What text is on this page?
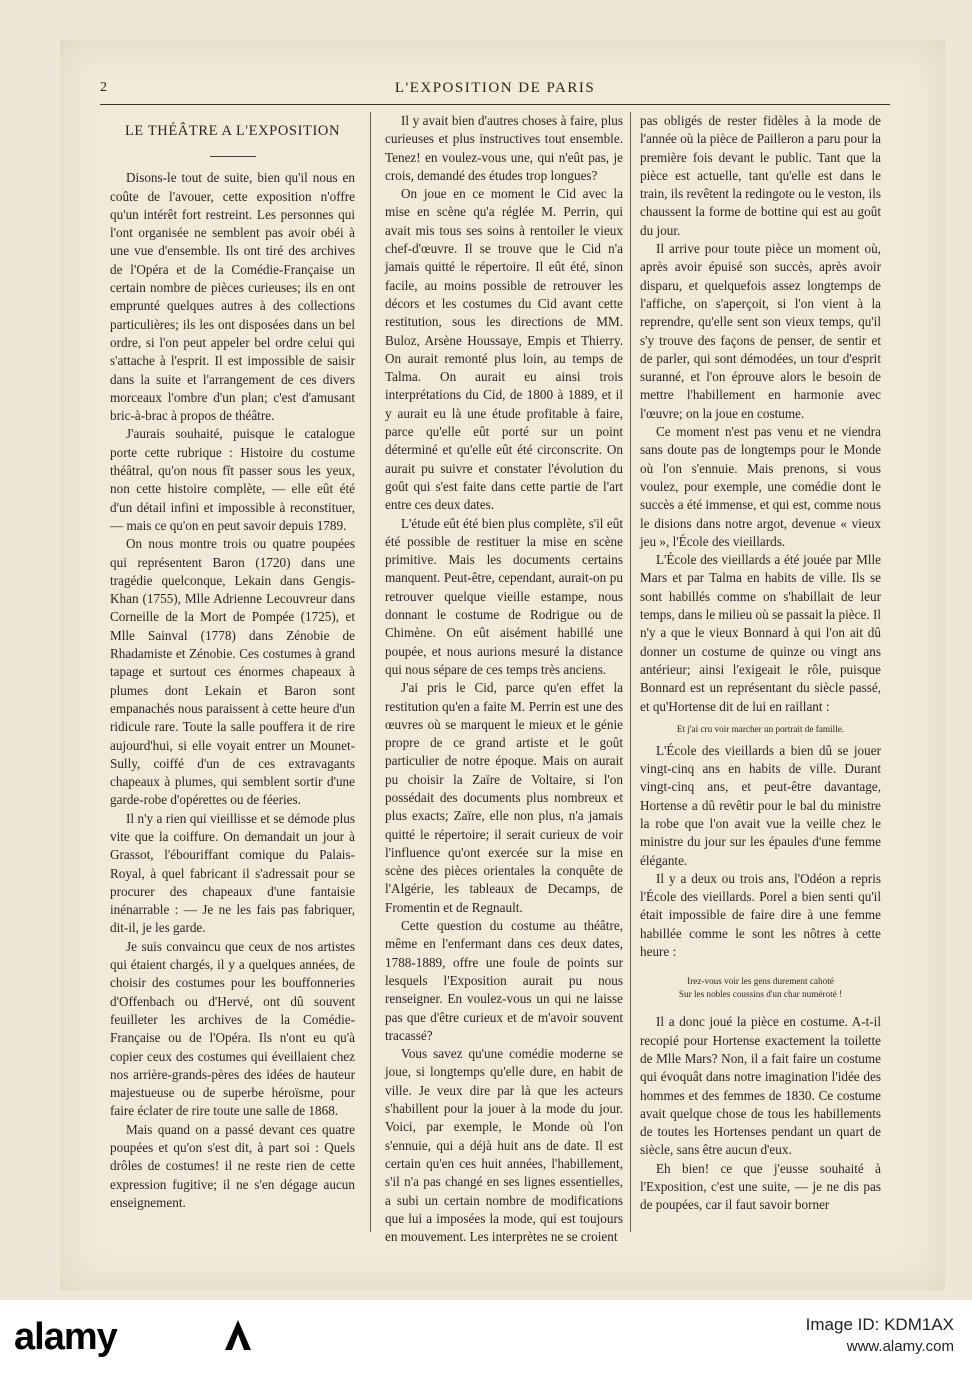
2	L'EXPOSITION DE PARIS
LE THÉÂTRE A L'EXPOSITION

Disons-le tout de suite, bien qu'il nous en coûte de l'avouer, cette exposition n'offre qu'un intérêt fort restreint. Les personnes qui l'ont organisée ne semblent pas avoir obéi à une vue d'ensemble. Ils ont tiré des archives de l'Opéra et de la Comédie-Française un certain nombre de pièces curieuses; ils en ont emprunté quelques autres à des collections particulières; ils les ont disposées dans un bel ordre, si l'on peut appeler bel ordre celui qui s'attache à l'esprit. Il est impossible de saisir dans la suite et l'arrangement de ces divers morceaux l'ombre d'un plan; c'est d'amusant bric-à-brac à propos de théâtre.

J'aurais souhaité, puisque le catalogue porte cette rubrique : Histoire du costume théâtral, qu'on nous fît passer sous les yeux, non cette histoire complète, — elle eût été d'un détail infini et impossible à reconstituer, — mais ce qu'on en peut savoir depuis 1789.

On nous montre trois ou quatre poupées qui représentent Baron (1720) dans une tragédie quelconque, Lekain dans Gengis-Khan (1755), Mlle Adrienne Lecouvreur dans Corneille de la Mort de Pompée (1725), et Mlle Sainval (1778) dans Zénobie de Rhadamiste et Zénobie. Ces costumes à grand tapage et surtout ces énormes chapeaux à plumes dont Lekain et Baron sont empanachés nous paraissent à cette heure d'un ridicule rare. Toute la salle pouffera it de rire aujourd'hui, si elle voyait entrer un Mounet-Sully, coiffé d'un de ces extravagants chapeaux à plumes, qui semblent sortir d'une garde-robe d'opérettes ou de féeries.

Il n'y a rien qui vieillisse et se démode plus vite que la coiffure. On demandait un jour à Grassot, l'ébouriffant comique du Palais-Royal, à quel fabricant il s'adressait pour se procurer des chapeaux d'une fantaisie inénarrable : — Je ne les fais pas fabriquer, dit-il, je les garde.

Je suis convaincu que ceux de nos artistes qui étaient chargés, il y a quelques années, de choisir des costumes pour les bouffonneries d'Offenbach ou d'Hervé, ont dû souvent feuilleter les archives de la Comédie-Française ou de l'Opéra. Ils n'ont eu qu'à copier ceux des costumes qui éveillaient chez nos arrière-grands-pères des idées de hauteur majestueuse ou de superbe héroïsme, pour faire éclater de rire toute une salle de 1868.

Mais quand on a passé devant ces quatre poupées et qu'on s'est dit, à part soi : Quels drôles de costumes! il ne reste rien de cette expression fugitive; il ne s'en dégage aucun enseignement.

Il y avait bien d'autres choses à faire, plus curieuses et plus instructives tout ensemble. Tenez! en voulez-vous une, qui n'eût pas, je crois, demandé des études trop longues?

On joue en ce moment le Cid avec la mise en scène qu'a réglée M. Perrin, qui avait mis tous ses soins à rentoiler le vieux chef-d'œuvre. Il se trouve que le Cid n'a jamais quitté le répertoire. Il eût été, sinon facile, au moins possible de retrouver les décors et les costumes du Cid avant cette restitution, sous les directions de MM. Buloz, Arsène Houssaye, Empis et Thierry. On aurait remonté plus loin, au temps de Talma. On aurait eu ainsi trois interprétations du Cid, de 1800 à 1889, et il y aurait eu là une étude profitable à faire, parce qu'elle eût porté sur un point déterminé et qu'elle eût été circonscrite. On aurait pu suivre et constater l'évolution du goût qui s'est faite dans cette partie de l'art entre ces deux dates.

L'étude eût été bien plus complète, s'il eût été possible de restituer la mise en scène primitive. Mais les documents certains manquent. Peut-être, cependant, aurait-on pu retrouver quelque vieille estampe, nous donnant le costume de Rodrigue ou de Chimène. On eût aisément habillé une poupée, et nous aurions mesuré la distance qui nous sépare de ces temps très anciens.

J'ai pris le Cid, parce qu'en effet la restitution qu'en a faite M. Perrin est une des œuvres où se marquent le mieux et le génie propre de ce grand artiste et le goût particulier de notre époque. Mais on aurait pu choisir la Zaïre de Voltaire, si l'on possédait des documents plus nombreux et plus exacts; Zaïre, elle non plus, n'a jamais quitté le répertoire; il serait curieux de voir l'influence qu'ont exercée sur la mise en scène des pièces orientales la conquête de l'Algérie, les tableaux de Decamps, de Fromentin et de Regnault.

Cette question du costume au théâtre, même en l'enfermant dans ces deux dates, 1788-1889, offre une foule de points sur lesquels l'Exposition aurait pu nous renseigner. En voulez-vous un qui ne laisse pas que d'être curieux et de m'avoir souvent tracassé?

Vous savez qu'une comédie moderne se joue, si longtemps qu'elle dure, en habit de ville. Je veux dire par là que les acteurs s'habillent pour la jouer à la mode du jour. Voici, par exemple, le Monde où l'on s'ennuie, qui a déjà huit ans de date. Il est certain qu'en ces huit années, l'habillement, s'il n'a pas changé en ses lignes essentielles, a subi un certain nombre de modifications que lui a imposées la mode, qui est toujours en mouvement. Les interprètes ne se croient

pas obligés de rester fidèles à la mode de l'année où la pièce de Pailleron a paru pour la première fois devant le public. Tant que la pièce est actuelle, tant qu'elle est dans le train, ils revêtent la redingote ou le veston, ils chaussent la forme de bottine qui est au goût du jour.

Il arrive pour toute pièce un moment où, après avoir épuisé son succès, après avoir disparu, et quelquefois assez longtemps de l'affiche, on s'aperçoit, si l'on vient à la reprendre, qu'elle sent son vieux temps, qu'il s'y trouve des façons de penser, de sentir et de parler, qui sont démodées, un tour d'esprit suranné, et l'on éprouve alors le besoin de mettre l'habillement en harmonie avec l'œuvre; on la joue en costume.

Ce moment n'est pas venu et ne viendra sans doute pas de longtemps pour le Monde où l'on s'ennuie. Mais prenons, si vous voulez, pour exemple, une comédie dont le succès a été immense, et qui est, comme nous le disions dans notre argot, devenue « vieux jeu », l'École des vieillards.

L'École des vieillards a été jouée par Mlle Mars et par Talma en habits de ville. Ils se sont habillés comme on s'habillait de leur temps, dans le milieu où se passait la pièce. Il n'y a que le vieux Bonnard à qui l'on ait dû donner un costume de quinze ou vingt ans antérieur; ainsi l'exigeait le rôle, puisque Bonnard est un représentant du siècle passé, et qu'Hortense dit de lui en raillant :

Et j'ai cru voir marcher un portrait de famille.

L'École des vieillards a bien dû se jouer vingt-cinq ans en habits de ville. Durant vingt-cinq ans, et peut-être davantage, Hortense a dû revêtir pour le bal du ministre la robe que l'on avait vue la veille chez le ministre du jour sur les épaules d'une femme élégante.

Il y a deux ou trois ans, l'Odéon a repris l'École des vieillards. Porel a bien senti qu'il était impossible de faire dire à une femme habillée comme le sont les nôtres à cette heure :

Irez-vous voir les gens durement cahoté
Sur les nobles coussins d'un char numéroté !

Il a donc joué la pièce en costume. A-t-il recopié pour Hortense exactement la toilette de Mlle Mars? Non, il a fait faire un costume qui évoquât dans notre imagination l'idée des hommes et des femmes de 1830. Ce costume avait quelque chose de tous les habillements de toutes les Hortenses pendant un quart de siècle, sans être aucun d'eux.

Eh bien! ce que j'eusse souhaité à l'Exposition, c'est une suite, — je ne dis pas de poupées, car il faut savoir borner

alamy	Image ID: KDM1AX
www.alamy.com
